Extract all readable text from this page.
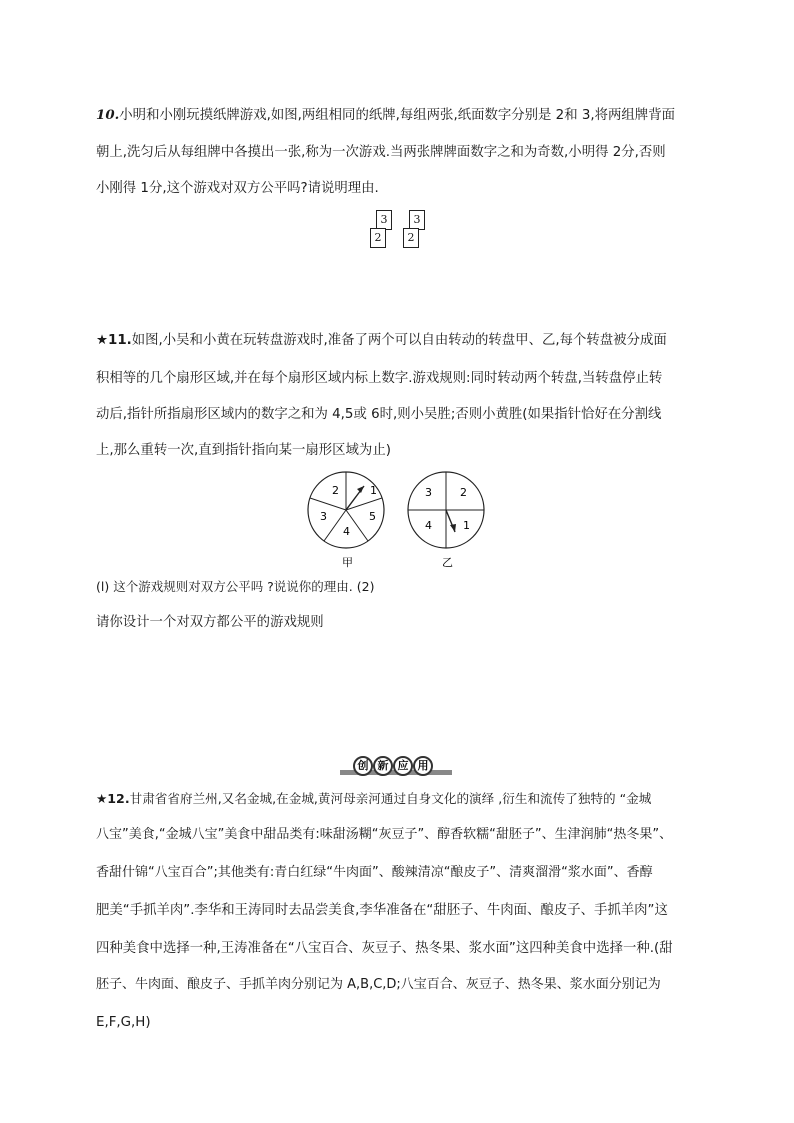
10.小明和小刚玩摸纸牌游戏,如图,两组相同的纸牌,每组两张,纸面数字分别是 2和 3,将两组牌背面
朝上,洗匀后从每组牌中各摸出一张,称为一次游戏.当两张牌牌面数字之和为奇数,小明得 2分,否则
小刚得 1分,这个游戏对双方公平吗?请说明理由.
3
2
3
2
★11.如图,小吴和小黄在玩转盘游戏时,准备了两个可以自由转动的转盘甲、乙,每个转盘被分成面
积相等的几个扇形区域,并在每个扇形区域内标上数字.游戏规则:同时转动两个转盘,当转盘停止转
动后,指针所指扇形区域内的数字之和为 4,5或 6时,则小吴胜;否则小黄胜(如果指针恰好在分割线
上,那么重转一次,直到指针指向某一扇形区域为止)
1
5
4
3
2
甲
2
1
4
3
乙
(l) 这个游戏规则对双方公平吗 ?说说你的理由. (2)
请你设计一个对双方都公平的游戏规则
创 新 应 用
★12.甘肃省省府兰州,又名金城,在金城,黄河母亲河通过自身文化的演绎 ,衍生和流传了独特的 “金城
八宝”美食,“金城八宝”美食中甜品类有:味甜汤糊“灰豆子”、醇香软糯“甜胚子”、生津润肺“热冬果”、
香甜什锦“八宝百合”;其他类有:青白红绿“牛肉面”、酸辣清凉“酿皮子”、清爽溜滑“浆水面”、香醇
肥美“手抓羊肉”.李华和王涛同时去品尝美食,李华准备在“甜胚子、牛肉面、酿皮子、手抓羊肉”这
四种美食中选择一种,王涛准备在“八宝百合、灰豆子、热冬果、浆水面”这四种美食中选择一种.(甜
胚子、牛肉面、酿皮子、手抓羊肉分别记为 A,B,C,D;八宝百合、灰豆子、热冬果、浆水面分别记为
E,F,G,H)
